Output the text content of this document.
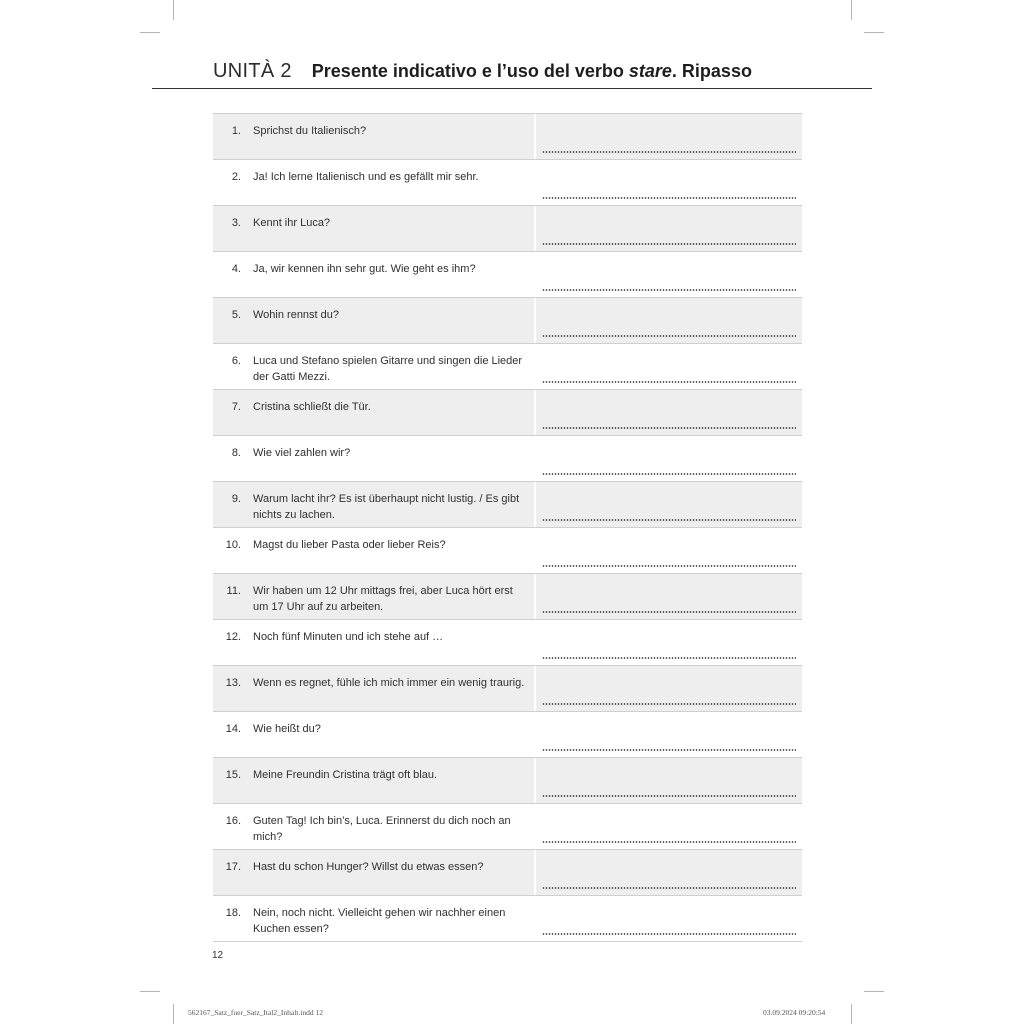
UNITÀ 2 Presente indicativo e l’uso del verbo stare. Ripasso
1. Sprichst du Italienisch?
2. Ja! Ich lerne Italienisch und es gefällt mir sehr.
3. Kennt ihr Luca?
4. Ja, wir kennen ihn sehr gut. Wie geht es ihm?
5. Wohin rennst du?
6. Luca und Stefano spielen Gitarre und singen die Lieder der Gatti Mezzi.
7. Cristina schließt die Tür.
8. Wie viel zahlen wir?
9. Warum lacht ihr? Es ist überhaupt nicht lustig. / Es gibt nichts zu lachen.
10. Magst du lieber Pasta oder lieber Reis?
11. Wir haben um 12 Uhr mittags frei, aber Luca hört erst um 17 Uhr auf zu arbeiten.
12. Noch fünf Minuten und ich stehe auf …
13. Wenn es regnet, fühle ich mich immer ein wenig traurig.
14. Wie heißt du?
15. Meine Freundin Cristina trägt oft blau.
16. Guten Tag! Ich bin’s, Luca. Erinnerst du dich noch an mich?
17. Hast du schon Hunger? Willst du etwas essen?
18. Nein, noch nicht. Vielleicht gehen wir nachher einen Kuchen essen?
12
562167_Satz_fuer_Satz_Ital2_Inhalt.indd 12	03.09.2024 09:20:54
